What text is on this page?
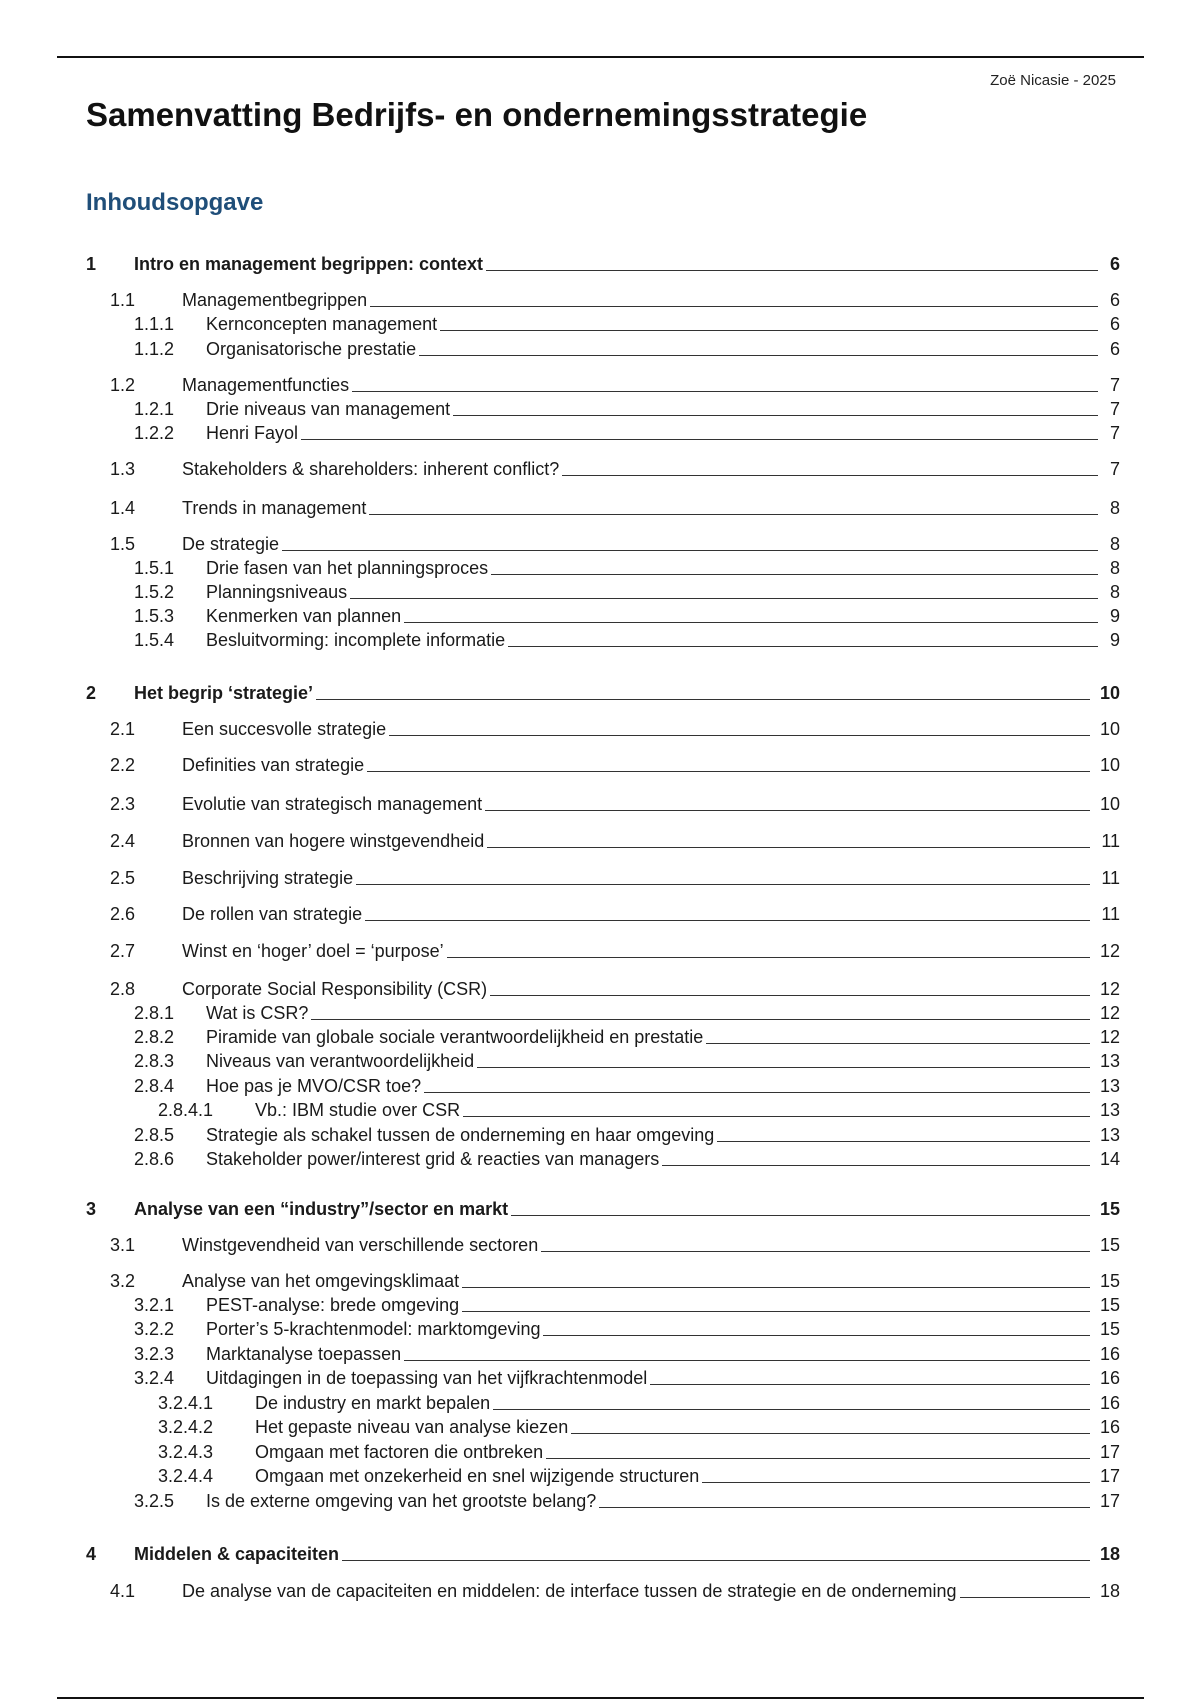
Zoë Nicasie - 2025
Samenvatting Bedrijfs- en ondernemingsstrategie
Inhoudsopgave
1 Intro en management begrippen: context	6
1.1	Managementbegrippen	6
1.1.1 Kernconcepten management	6
1.1.2 Organisatorische prestatie	6
1.2	Managementfuncties	7
1.2.1 Drie niveaus van management	7
1.2.2 Henri Fayol	7
1.3	Stakeholders & shareholders: inherent conflict?	7
1.4	Trends in management	8
1.5	De strategie	8
1.5.1 Drie fasen van het planningsproces	8
1.5.2 Planningsniveaus	8
1.5.3 Kenmerken van plannen	9
1.5.4 Besluitvorming: incomplete informatie	9
2 Het begrip ‘strategie’	10
2.1	Een succesvolle strategie	10
2.2	Definities van strategie	10
2.3	Evolutie van strategisch management	10
2.4	Bronnen van hogere winstgevendheid	11
2.5	Beschrijving strategie	11
2.6	De rollen van strategie	11
2.7	Winst en ‘hoger’ doel = ‘purpose’	12
2.8	Corporate Social Responsibility (CSR)	12
2.8.1 Wat is CSR?	12
2.8.2 Piramide van globale sociale verantwoordelijkheid en prestatie	12
2.8.3 Niveaus van verantwoordelijkheid	13
2.8.4 Hoe pas je MVO/CSR toe?	13
2.8.4.1 Vb.: IBM studie over CSR	13
2.8.5 Strategie als schakel tussen de onderneming en haar omgeving	13
2.8.6 Stakeholder power/interest grid & reacties van managers	14
3 Analyse van een “industry”/sector en markt	15
3.1	Winstgevendheid van verschillende sectoren	15
3.2	Analyse van het omgevingsklimaat	15
3.2.1 PEST-analyse: brede omgeving	15
3.2.2 Porter’s 5-krachtenmodel: marktomgeving	15
3.2.3 Marktanalyse toepassen	16
3.2.4 Uitdagingen in de toepassing van het vijfkrachtenmodel	16
3.2.4.1 De industry en markt bepalen	16
3.2.4.2 Het gepaste niveau van analyse kiezen	16
3.2.4.3 Omgaan met factoren die ontbreken	17
3.2.4.4 Omgaan met onzekerheid en snel wijzigende structuren	17
3.2.5 Is de externe omgeving van het grootste belang?	17
4 Middelen & capaciteiten	18
4.1	De analyse van de capaciteiten en middelen: de interface tussen de strategie en de onderneming	18
